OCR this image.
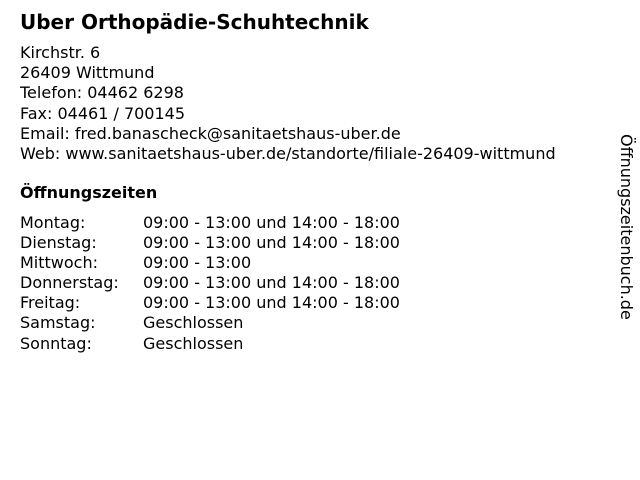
Uber Orthopädie-Schuhtechnik
Kirchstr. 6
26409 Wittmund
Telefon: 04462 6298
Fax: 04461 / 700145
Email: fred.banascheck@sanitaetshaus-uber.de
Web: www.sanitaetshaus-uber.de/standorte/filiale-26409-wittmund
Öffnungszeiten
Montag:	09:00 - 13:00 und 14:00 - 18:00
Dienstag:	09:00 - 13:00 und 14:00 - 18:00
Mittwoch:	09:00 - 13:00
Donnerstag:	09:00 - 13:00 und 14:00 - 18:00
Freitag:	09:00 - 13:00 und 14:00 - 18:00
Samstag:	Geschlossen
Sonntag:	Geschlossen
Öffnungszeitenbuch.de
